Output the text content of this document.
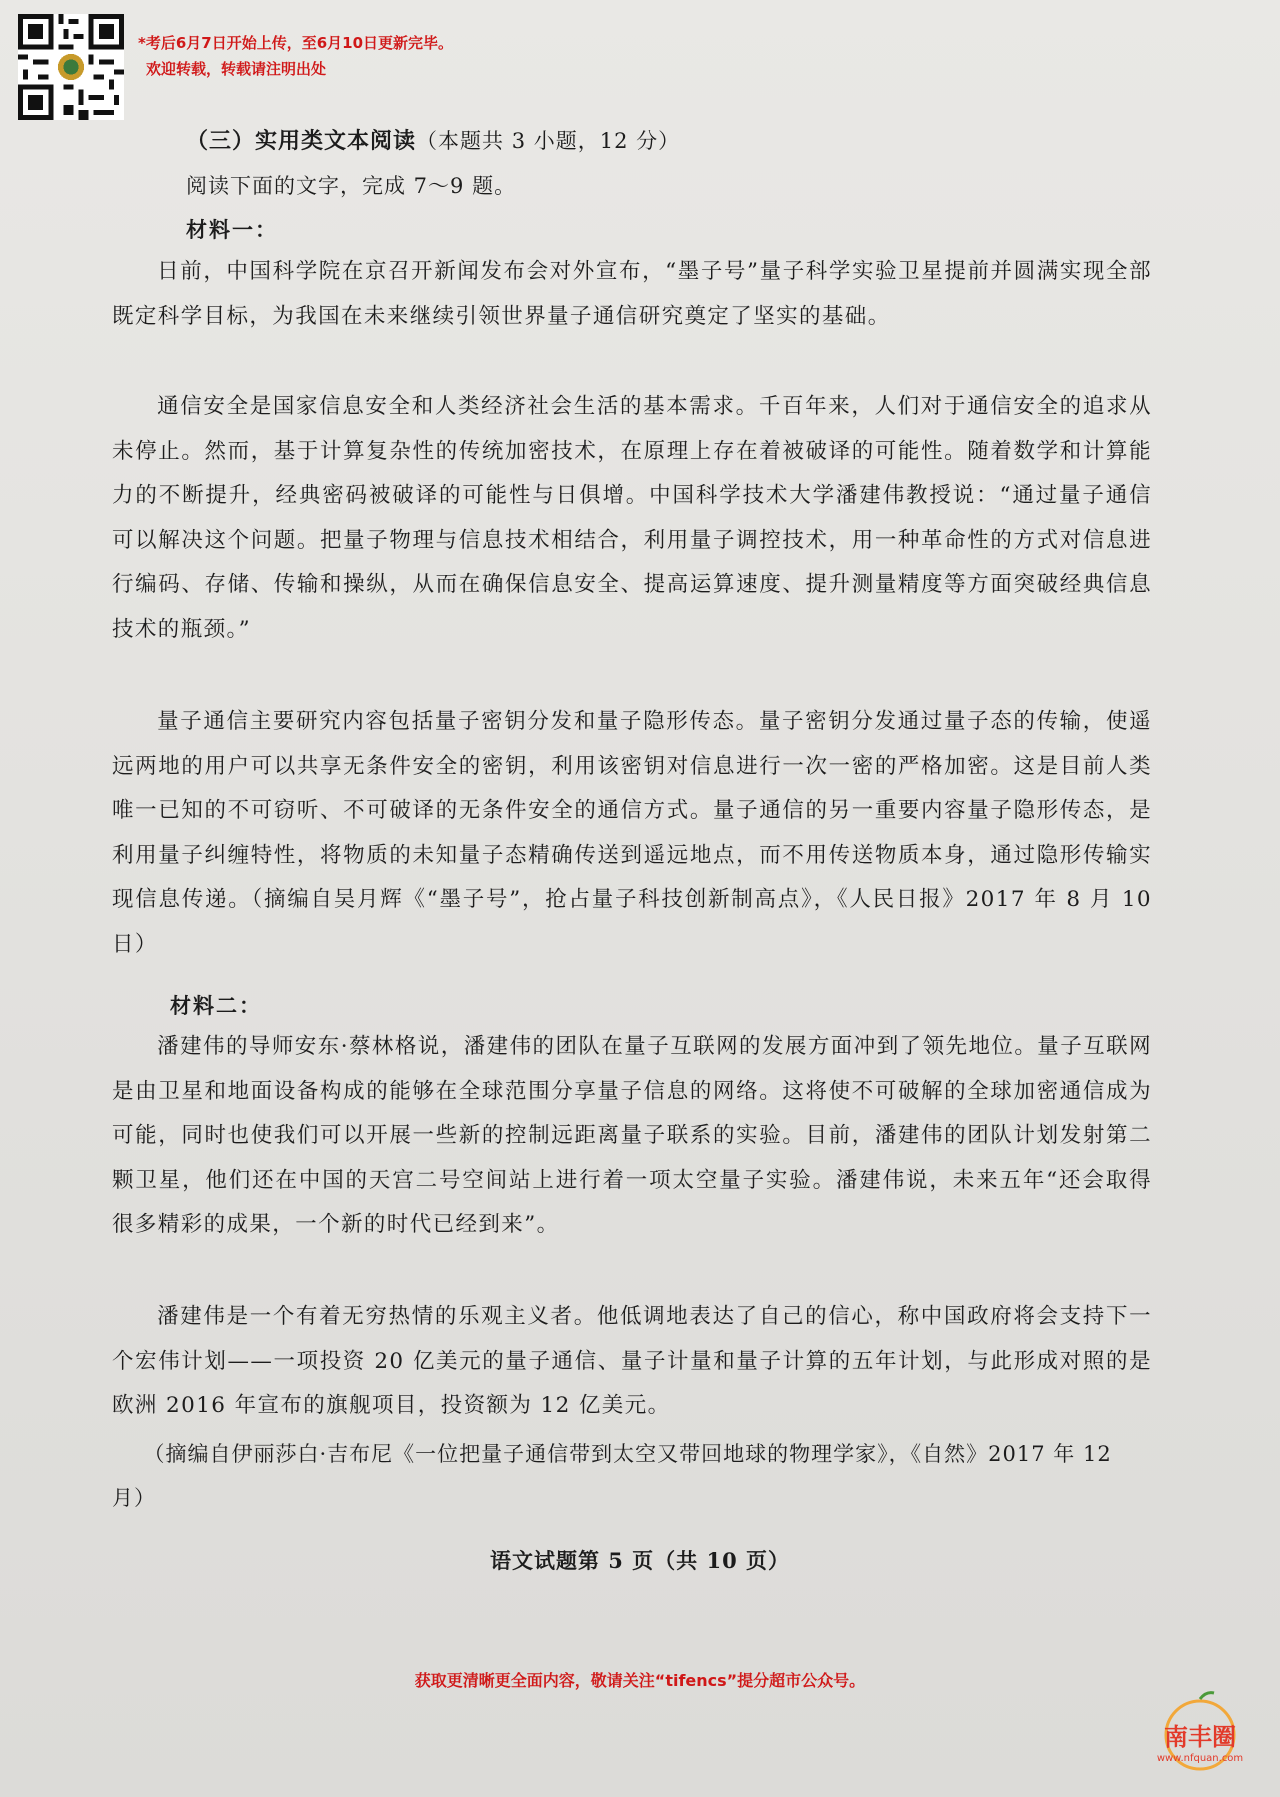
*考后6月7日开始上传，至6月10日更新完毕。
欢迎转载，转载请注明出处
（三）实用类文本阅读（本题共 3 小题，12 分）
阅读下面的文字，完成 7～9 题。
材料一：

日前，中国科学院在京召开新闻发布会对外宣布，“墨子号”量子科学实验卫星提前并圆满实现全部既定科学目标，为我国在未来继续引领世界量子通信研究奠定了坚实的基础。

通信安全是国家信息安全和人类经济社会生活的基本需求。千百年来，人们对于通信安全的追求从未停止。然而，基于计算复杂性的传统加密技术，在原理上存在着被破译的可能性。随着数学和计算能力的不断提升，经典密码被破译的可能性与日俱增。中国科学技术大学潘建伟教授说：“通过量子通信可以解决这个问题。把量子物理与信息技术相结合，利用量子调控技术，用一种革命性的方式对信息进行编码、存储、传输和操纵，从而在确保信息安全、提高运算速度、提升测量精度等方面突破经典信息技术的瓶颈。”

量子通信主要研究内容包括量子密钥分发和量子隐形传态。量子密钥分发通过量子态的传输，使遥远两地的用户可以共享无条件安全的密钥，利用该密钥对信息进行一次一密的严格加密。这是目前人类唯一已知的不可窃听、不可破译的无条件安全的通信方式。量子通信的另一重要内容量子隐形传态，是利用量子纠缠特性，将物质的未知量子态精确传送到遥远地点，而不用传送物质本身，通过隐形传输实现信息传递。（摘编自吴月辉《“墨子号”，抢占量子科技创新制高点》，《人民日报》2017 年 8 月 10 日）

材料二：

潘建伟的导师安东·蔡林格说，潘建伟的团队在量子互联网的发展方面冲到了领先地位。量子互联网是由卫星和地面设备构成的能够在全球范围分享量子信息的网络。这将使不可破解的全球加密通信成为可能，同时也使我们可以开展一些新的控制远距离量子联系的实验。目前，潘建伟的团队计划发射第二颗卫星，他们还在中国的天宫二号空间站上进行着一项太空量子实验。潘建伟说，未来五年“还会取得很多精彩的成果，一个新的时代已经到来”。

潘建伟是一个有着无穷热情的乐观主义者。他低调地表达了自己的信心，称中国政府将会支持下一个宏伟计划——一项投资 20 亿美元的量子通信、量子计量和量子计算的五年计划，与此形成对照的是欧洲 2016 年宣布的旗舰项目，投资额为 12 亿美元。

（摘编自伊丽莎白·吉布尼《一位把量子通信带到太空又带回地球的物理学家》，《自然》2017 年 12 月）

语文试题第 5 页（共 10 页）
获取更清晰更全面内容，敬请关注“tifencs”提分超市公众号。
南丰圈
www.nfquan.com
